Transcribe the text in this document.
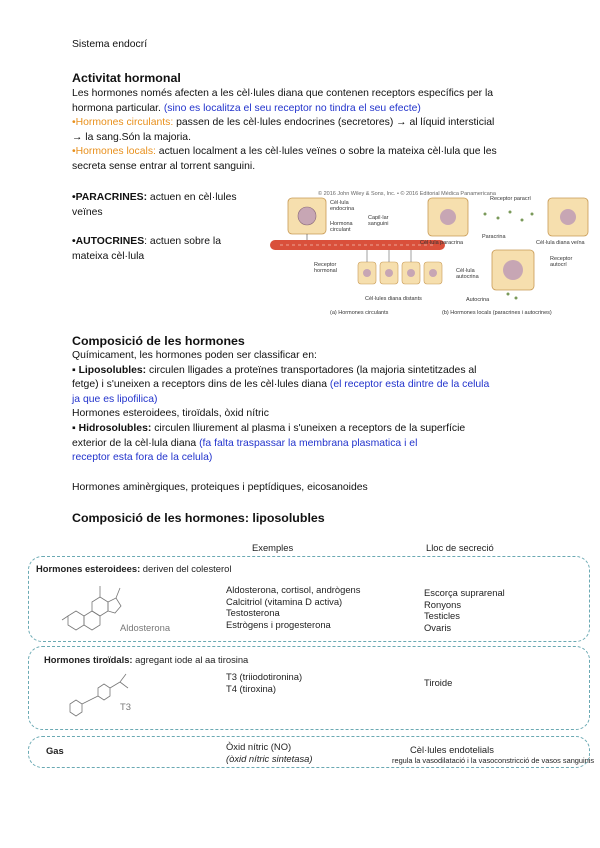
Sistema endocrí
Activitat hormonal
Les hormones només afecten a les cèl·lules diana que contenen receptors específics per la
hormona particular. (sino es localitza el seu receptor no tindra el seu efecte)
•Hormones circulants: passen de les cèl·lules endocrines (secretores) → al líquid intersticial
→ la sang.Són la majoria.
•Hormones locals: actuen localment a les cèl·lules veïnes o sobre la mateixa cèl·lula que les
secreta sense entrar al torrent sanguini.
•PARACRINES: actuen en cèl·lules
veïnes
•AUTOCRINES: actuen sobre la
mateixa cèl·lula
© 2016 John Wiley & Sons, Inc. • © 2016 Editorial Médica Panamericana
Cèl·lula endocrina
Hormona circulant
Capil·lar sanguini
Receptor hormonal
Cèl·lules diana distants
(a) Hormones circulants
Receptor paracrí
Cèl·lula paracrina
Paracrina
Cèl·lula diana veïna
Cèl·lula autocrina
Autocrina
Receptor autocrí
(b) Hormones locals (paracrines i autocrines)
Composició de les hormones
Químicament, les hormones poden ser classificar en:
▪ Liposolubles: circulen lligades a proteïnes transportadores (la majoria sintetitzades al
fetge) i s'uneixen a receptors dins de les cèl·lules diana (el receptor esta dintre de la celula
ja que es lipofilica)
Hormones esteroidees, tiroïdals, òxid nítric
▪ Hidrosolubles: circulen lliurement al plasma i s'uneixen a receptors de la superfície
exterior de la cèl·lula diana (fa falta traspassar la membrana plasmatica i el
receptor esta fora de la celula)
Hormones aminèrgiques, proteiques i peptídiques, eicosanoides
Composició de les hormones: liposolubles
Exemples	Lloc de secreció
Hormones esteroidees: deriven del colesterol
Aldosterona
Aldosterona, cortisol, andrògens
Calcitriol (vitamina D activa)
Testosterona
Estrògens i progesterona
Escorça suprarenal
Ronyons
Testicles
Ovaris
Hormones tiroïdals: agregant iode al aa tirosina
T3
T3 (triiodotironina)
T4 (tiroxina)
Tiroide
Gas	Òxid nítric (NO)
(òxid nítric sintetasa)
Cèl·lules endotelials
regula la vasodilatació i la vasoconstricció de vasos sanguinis
